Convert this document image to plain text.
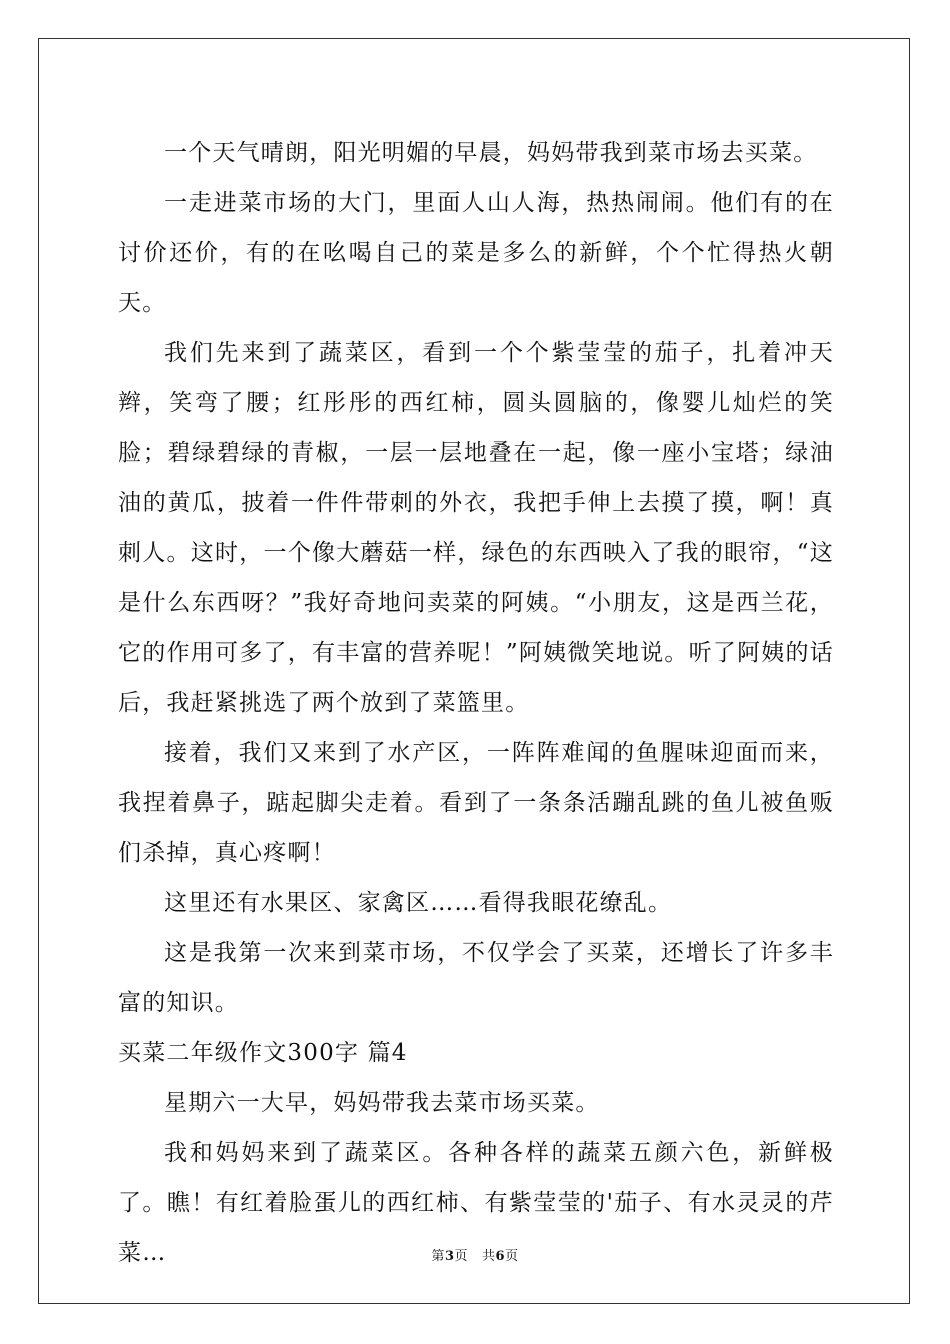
一个天气晴朗，阳光明媚的早晨，妈妈带我到菜市场去买菜。

一走进菜市场的大门，里面人山人海，热热闹闹。他们有的在讨价还价，有的在吆喝自己的菜是多么的新鲜，个个忙得热火朝天。

我们先来到了蔬菜区，看到一个个紫莹莹的茄子，扎着冲天辫，笑弯了腰；红彤彤的西红柿，圆头圆脑的，像婴儿灿烂的笑脸；碧绿碧绿的青椒，一层一层地叠在一起，像一座小宝塔；绿油油的黄瓜，披着一件件带刺的外衣，我把手伸上去摸了摸，啊！真刺人。这时，一个像大蘑菇一样，绿色的东西映入了我的眼帘，“这是什么东西呀？”我好奇地问卖菜的阿姨。“小朋友，这是西兰花，它的作用可多了，有丰富的营养呢！”阿姨微笑地说。听了阿姨的话后，我赶紧挑选了两个放到了菜篮里。

接着，我们又来到了水产区，一阵阵难闻的鱼腥味迎面而来，我捏着鼻子，踮起脚尖走着。看到了一条条活蹦乱跳的鱼儿被鱼贩们杀掉，真心疼啊！

这里还有水果区、家禽区……看得我眼花缭乱。

这是我第一次来到菜市场，不仅学会了买菜，还增长了许多丰富的知识。

买菜二年级作文300字 篇4

星期六一大早，妈妈带我去菜市场买菜。

我和妈妈来到了蔬菜区。各种各样的蔬菜五颜六色，新鲜极了。瞧！有红着脸蛋儿的西红柿、有紫莹莹的'茄子、有水灵灵的芹菜…	第3页 共6页
